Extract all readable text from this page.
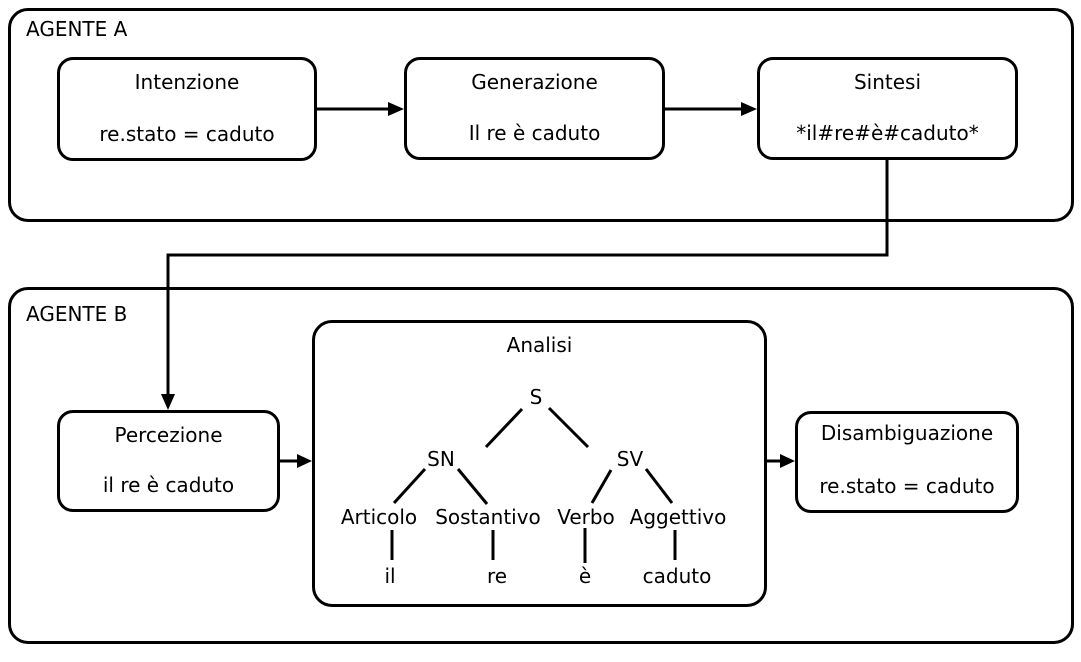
AGENTE A
AGENTE B
Intenzione
re.stato = caduto
Generazione
Il re è caduto
Sintesi
*il#re#è#caduto*
Percezione
il re è caduto
Analisi
Disambiguazione
re.stato = caduto
S
SN	SV
Articolo Sostantivo Verbo Aggettivo
il	re	è	caduto
